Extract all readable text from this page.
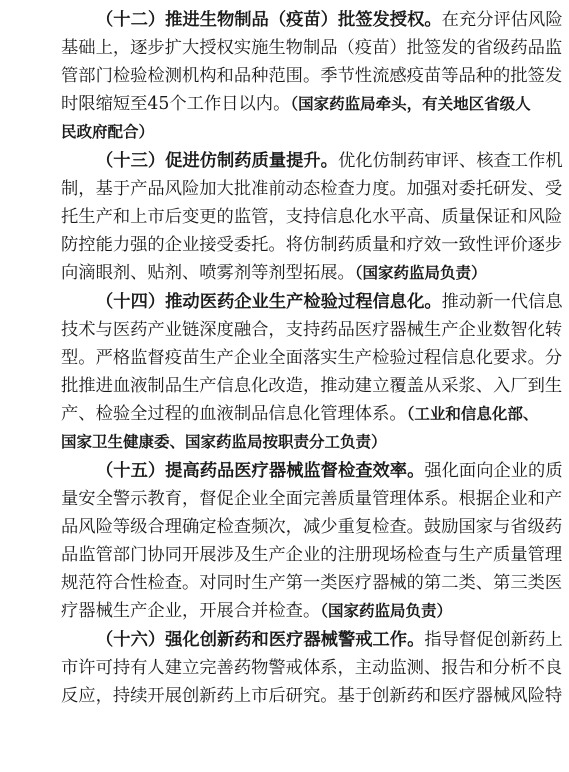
（十二）推进生物制品（疫苗）批签发授权。在充分评估风险
基础上，逐步扩大授权实施生物制品（疫苗）批签发的省级药品监
管部门检验检测机构和品种范围。季节性流感疫苗等品种的批签发
时限缩短至45个工作日以内。（国家药监局牵头，有关地区省级人
民政府配合）
（十三）促进仿制药质量提升。优化仿制药审评、核查工作机
制，基于产品风险加大批准前动态检查力度。加强对委托研发、受
托生产和上市后变更的监管，支持信息化水平高、质量保证和风险
防控能力强的企业接受委托。将仿制药质量和疗效一致性评价逐步
向滴眼剂、贴剂、喷雾剂等剂型拓展。（国家药监局负责）
（十四）推动医药企业生产检验过程信息化。推动新一代信息
技术与医药产业链深度融合，支持药品医疗器械生产企业数智化转
型。严格监督疫苗生产企业全面落实生产检验过程信息化要求。分
批推进血液制品生产信息化改造，推动建立覆盖从采浆、入厂到生
产、检验全过程的血液制品信息化管理体系。（工业和信息化部、
国家卫生健康委、国家药监局按职责分工负责）
（十五）提高药品医疗器械监督检查效率。强化面向企业的质
量安全警示教育，督促企业全面完善质量管理体系。根据企业和产
品风险等级合理确定检查频次，减少重复检查。鼓励国家与省级药
品监管部门协同开展涉及生产企业的注册现场检查与生产质量管理
规范符合性检查。对同时生产第一类医疗器械的第二类、第三类医
疗器械生产企业，开展合并检查。（国家药监局负责）
（十六）强化创新药和医疗器械警戒工作。指导督促创新药上
市许可持有人建立完善药物警戒体系，主动监测、报告和分析不良
反应，持续开展创新药上市后研究。基于创新药和医疗器械风险特
